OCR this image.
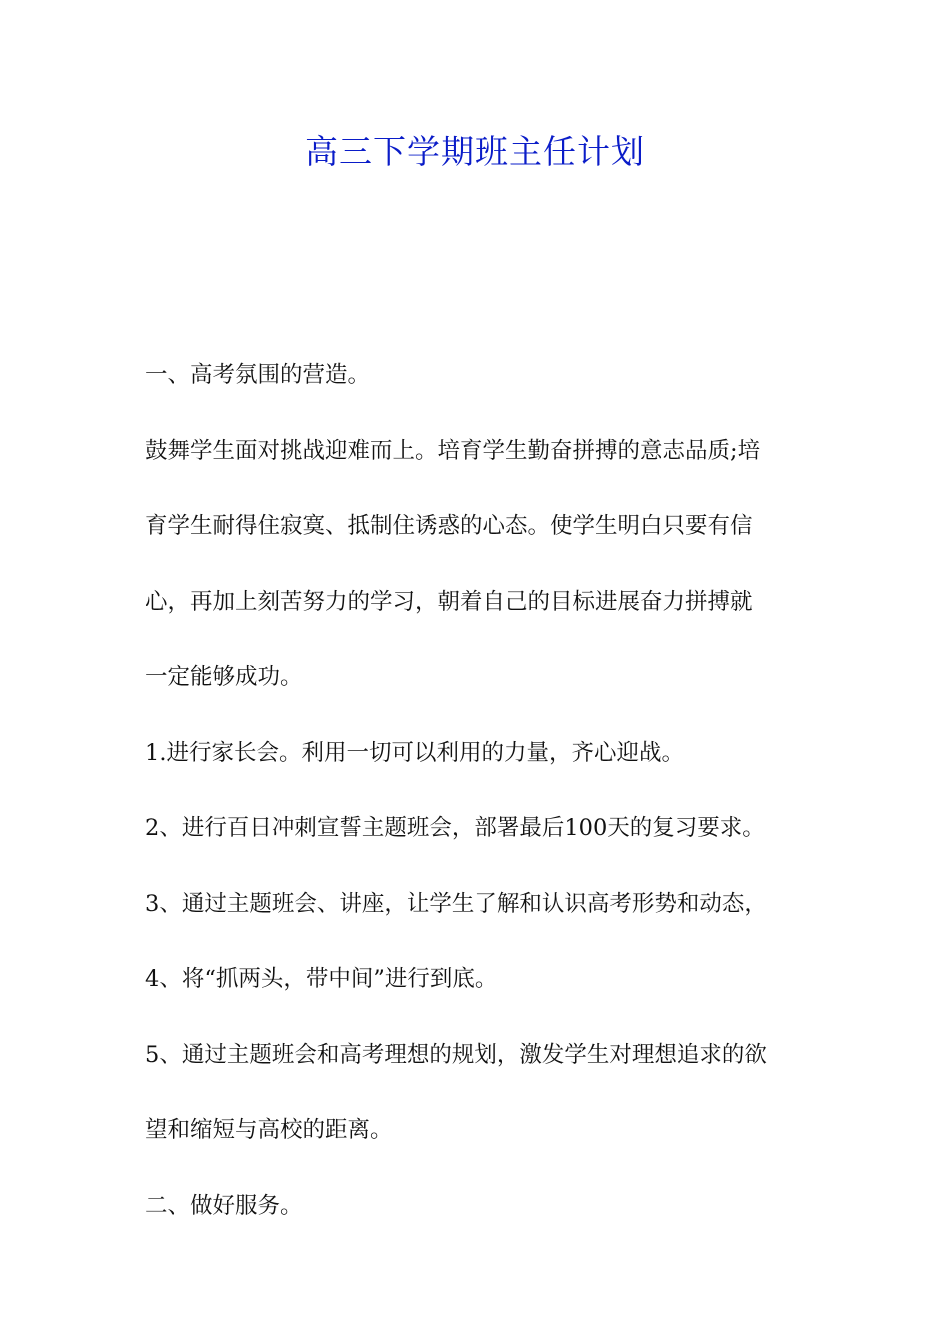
高三下学期班主任计划
一、高考氛围的营造。
鼓舞学生面对挑战迎难而上。培育学生勤奋拼搏的意志品质;培
育学生耐得住寂寞、抵制住诱惑的心态。使学生明白只要有信
心，再加上刻苦努力的学习，朝着自己的目标进展奋力拼搏就
一定能够成功。
1.进行家长会。利用一切可以利用的力量，齐心迎战。
2、进行百日冲刺宣誓主题班会，部署最后100天的复习要求。
3、通过主题班会、讲座，让学生了解和认识高考形势和动态，
4、将“抓两头，带中间”进行到底。
5、通过主题班会和高考理想的规划，激发学生对理想追求的欲
望和缩短与高校的距离。
二、做好服务。
